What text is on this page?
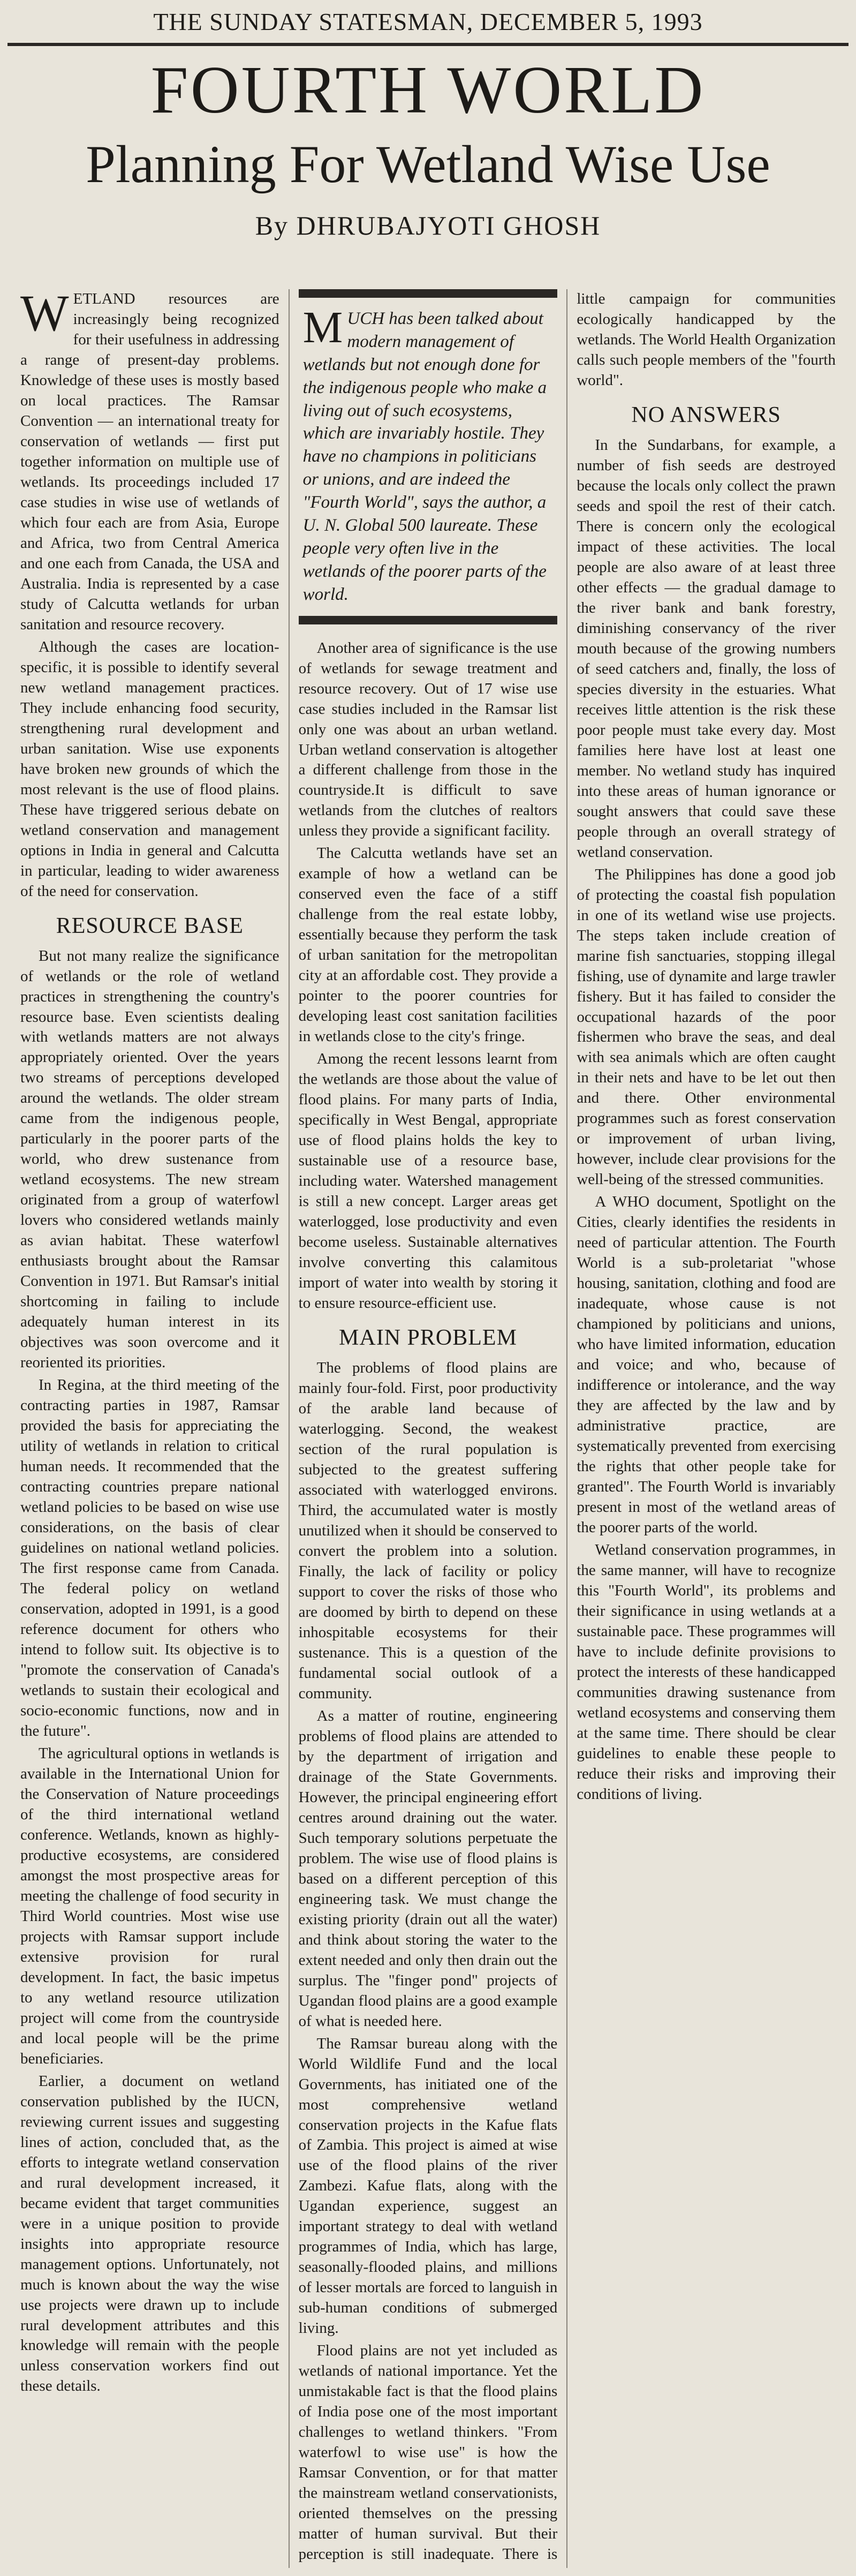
THE SUNDAY STATESMAN, DECEMBER 5, 1993
FOURTH WORLD
Planning For Wetland Wise Use
By DHRUBAJYOTI GHOSH

WETLAND resources are increasingly being recognized for their usefulness in addressing a range of present-day problems. Knowledge of these uses is mostly based on local practices. The Ramsar Convention — an international treaty for conservation of wetlands — first put together information on multiple use of wetlands. Its proceedings included 17 case studies in wise use of wetlands of which four each are from Asia, Europe and Africa, two from Central America and one each from Canada, the USA and Australia. India is represented by a case study of Calcutta wetlands for urban sanitation and resource recovery.

Although the cases are location-specific, it is possible to identify several new wetland management practices. They include enhancing food security, strengthening rural development and urban sanitation. Wise use exponents have broken new grounds of which the most relevant is the use of flood plains. These have triggered serious debate on wetland conservation and management options in India in general and Calcutta in particular, leading to wider awareness of the need for conservation.

RESOURCE BASE

But not many realize the significance of wetlands or the role of wetland practices in strengthening the country's resource base. Even scientists dealing with wetlands matters are not always appropriately oriented. Over the years two streams of perceptions developed around the wetlands. The older stream came from the indigenous people, particularly in the poorer parts of the world, who drew sustenance from wetland ecosystems. The new stream originated from a group of waterfowl lovers who considered wetlands mainly as avian habitat. These waterfowl enthusiasts brought about the Ramsar Convention in 1971. But Ramsar's initial shortcoming in failing to include adequately human interest in its objectives was soon overcome and it reoriented its priorities.

In Regina, at the third meeting of the contracting parties in 1987, Ramsar provided the basis for appreciating the utility of wetlands in relation to critical human needs. It recommended that the contracting countries prepare national wetland policies to be based on wise use considerations, on the basis of clear guidelines on national wetland policies. The first response came from Canada. The federal policy on wetland conservation, adopted in 1991, is a good reference document for others who intend to follow suit. Its objective is to "promote the conservation of Canada's wetlands to sustain their ecological and socio-economic functions, now and in the future".

The agricultural options in wetlands is available in the International Union for the Conservation of Nature proceedings of the third international wetland conference. Wetlands, known as highly-productive ecosystems, are considered amongst the most prospective areas for meeting the challenge of food security in Third World countries. Most wise use projects with Ramsar support include extensive provision for rural development. In fact, the basic impetus to any wetland resource utilization project will come from the countryside and local people will be the prime beneficiaries.

Earlier, a document on wetland conservation published by the IUCN, reviewing current issues and suggesting lines of action, concluded that, as the efforts to integrate wetland conservation and rural development increased, it became evident that target communities were in a unique position to provide insights into appropriate resource management options. Unfortunately, not much is known about the way the wise use projects were drawn up to include rural development attributes and this knowledge will remain with the people unless conservation workers find out these details.

MUCH has been talked about modern management of wetlands but not enough done for the indigenous people who make a living out of such ecosystems, which are invariably hostile. They have no champions in politicians or unions, and are indeed the "Fourth World", says the author, a U. N. Global 500 laureate. These people very often live in the wetlands of the poorer parts of the world.

Another area of significance is the use of wetlands for sewage treatment and resource recovery. Out of 17 wise use case studies included in the Ramsar list only one was about an urban wetland. Urban wetland conservation is altogether a different challenge from those in the countryside.It is difficult to save wetlands from the clutches of realtors unless they provide a significant facility.

The Calcutta wetlands have set an example of how a wetland can be conserved even the face of a stiff challenge from the real estate lobby, essentially because they perform the task of urban sanitation for the metropolitan city at an affordable cost. They provide a pointer to the poorer countries for developing least cost sanitation facilities in wetlands close to the city's fringe.

Among the recent lessons learnt from the wetlands are those about the value of flood plains. For many parts of India, specifically in West Bengal, appropriate use of flood plains holds the key to sustainable use of a resource base, including water. Watershed management is still a new concept. Larger areas get waterlogged, lose productivity and even become useless. Sustainable alternatives involve converting this calamitous import of water into wealth by storing it to ensure resource-efficient use.

MAIN PROBLEM

The problems of flood plains are mainly four-fold. First, poor productivity of the arable land because of waterlogging. Second, the weakest section of the rural population is subjected to the greatest suffering associated with waterlogged environs. Third, the accumulated water is mostly unutilized when it should be conserved to convert the problem into a solution. Finally, the lack of facility or policy support to cover the risks of those who are doomed by birth to depend on these inhospitable ecosystems for their sustenance. This is a question of the fundamental social outlook of a community.

As a matter of routine, engineering problems of flood plains are attended to by the department of irrigation and drainage of the State Governments. However, the principal engineering effort centres around draining out the water. Such temporary solutions perpetuate the problem. The wise use of flood plains is based on a different perception of this engineering task. We must change the existing priority (drain out all the water) and think about storing the water to the extent needed and only then drain out the surplus. The "finger pond" projects of Ugandan flood plains are a good example of what is needed here.

The Ramsar bureau along with the World Wildlife Fund and the local Governments, has initiated one of the most comprehensive wetland conservation projects in the Kafue flats of Zambia. This project is aimed at wise use of the flood plains of the river Zambezi. Kafue flats, along with the Ugandan experience, suggest an important strategy to deal with wetland programmes of India, which has large, seasonally-flooded plains, and millions of lesser mortals are forced to languish in sub-human conditions of submerged living.

Flood plains are not yet included as wetlands of national importance. Yet the unmistakable fact is that the flood plains of India pose one of the most important challenges to wetland thinkers. "From waterfowl to wise use" is how the Ramsar Convention, or for that matter the mainstream wetland conservationists, oriented themselves on the pressing matter of human survival. But their perception is still inadequate. There is little campaign for communities ecologically handicapped by the wetlands. The World Health Organization calls such people members of the "fourth world".

NO ANSWERS

In the Sundarbans, for example, a number of fish seeds are destroyed because the locals only collect the prawn seeds and spoil the rest of their catch. There is concern only the ecological impact of these activities. The local people are also aware of at least three other effects — the gradual damage to the river bank and bank forestry, diminishing conservancy of the river mouth because of the growing numbers of seed catchers and, finally, the loss of species diversity in the estuaries. What receives little attention is the risk these poor people must take every day. Most families here have lost at least one member. No wetland study has inquired into these areas of human ignorance or sought answers that could save these people through an overall strategy of wetland conservation.

The Philippines has done a good job of protecting the coastal fish population in one of its wetland wise use projects. The steps taken include creation of marine fish sanctuaries, stopping illegal fishing, use of dynamite and large trawler fishery. But it has failed to consider the occupational hazards of the poor fishermen who brave the seas, and deal with sea animals which are often caught in their nets and have to be let out then and there. Other environmental programmes such as forest conservation or improvement of urban living, however, include clear provisions for the well-being of the stressed communities.

A WHO document, Spotlight on the Cities, clearly identifies the residents in need of particular attention. The Fourth World is a sub-proletariat "whose housing, sanitation, clothing and food are inadequate, whose cause is not championed by politicians and unions, who have limited information, education and voice; and who, because of indifference or intolerance, and the way they are affected by the law and by administrative practice, are systematically prevented from exercising the rights that other people take for granted". The Fourth World is invariably present in most of the wetland areas of the poorer parts of the world.

Wetland conservation programmes, in the same manner, will have to recognize this "Fourth World", its problems and their significance in using wetlands at a sustainable pace. These programmes will have to include definite provisions to protect the interests of these handicapped communities drawing sustenance from wetland ecosystems and conserving them at the same time. There should be clear guidelines to enable these people to reduce their risks and improving their conditions of living.
